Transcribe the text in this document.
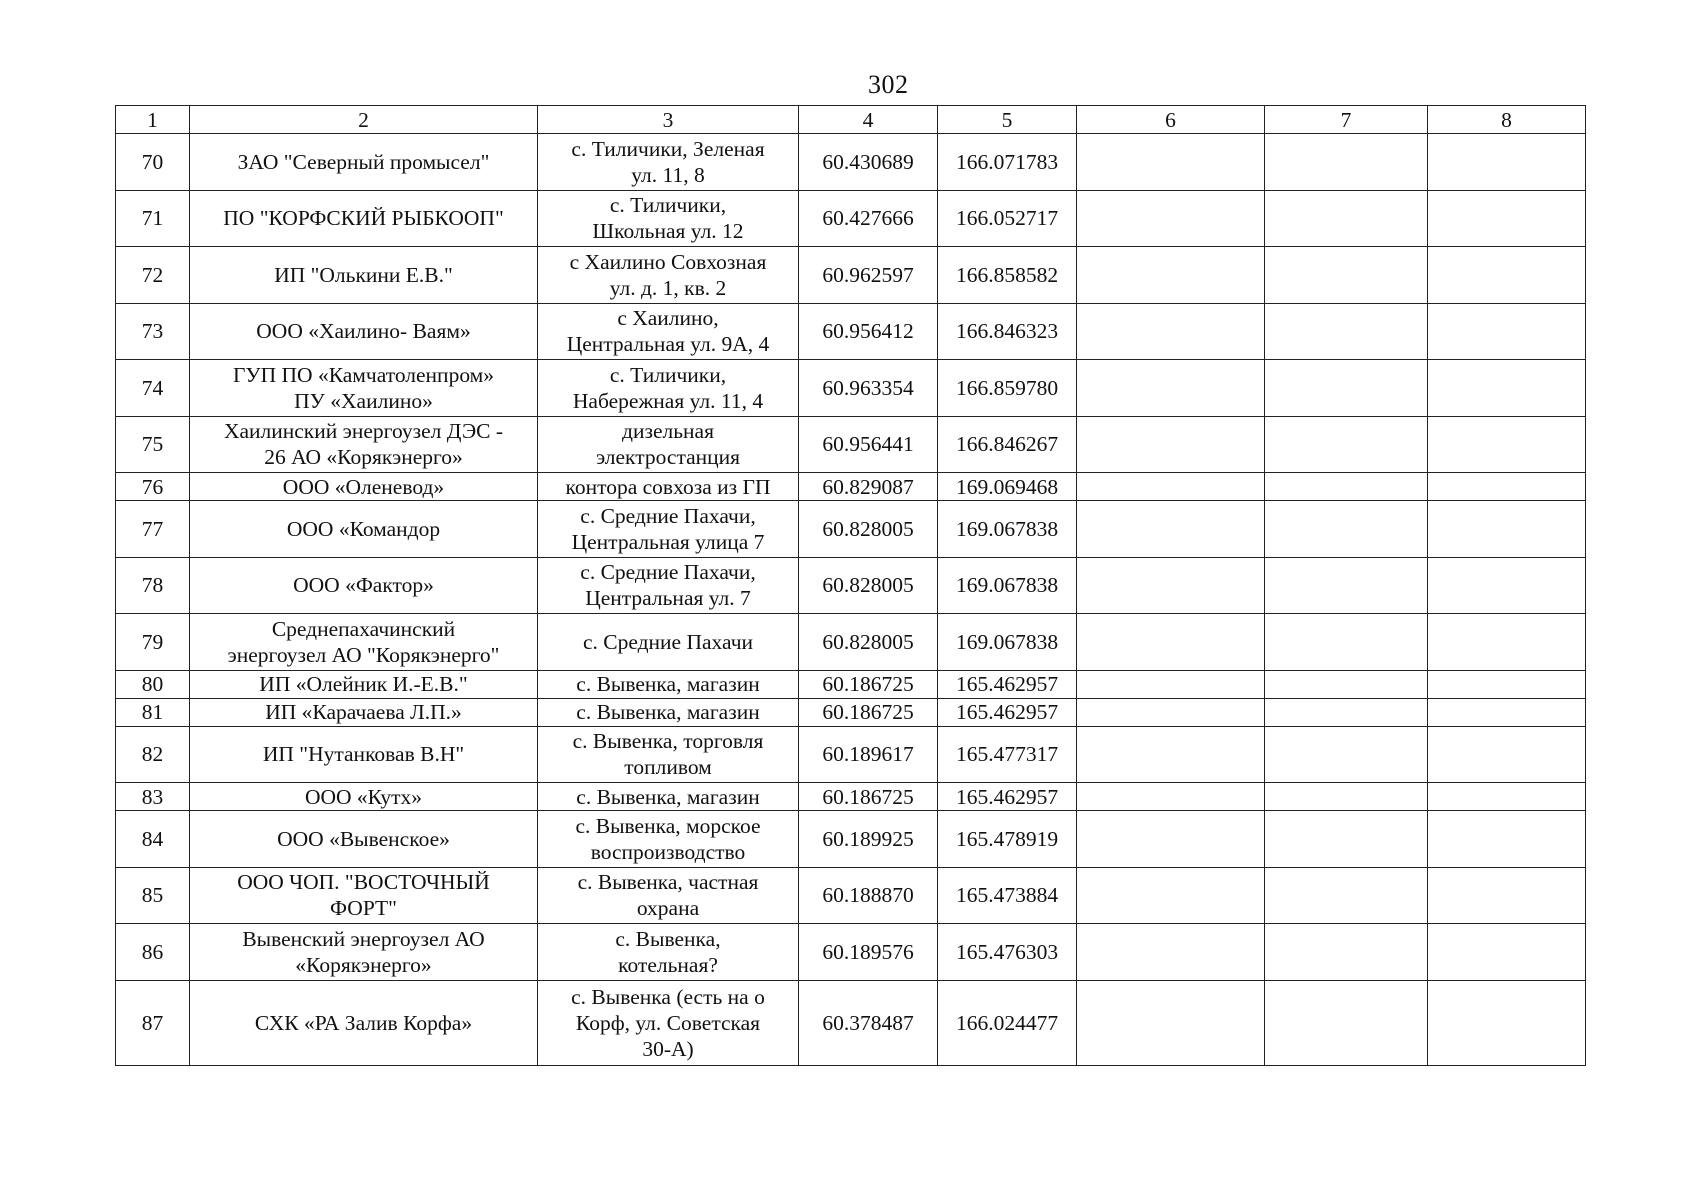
302
1	2	3	4	5	6	7	8
70	ЗАО "Северный промысел"	с. Тиличики, Зеленая
ул. 11, 8	60.430689	166.071783			
71	ПО "КОРФСКИЙ РЫБКООП"	с. Тиличики,
Школьная ул. 12	60.427666	166.052717			
72	ИП "Олькини Е.В."	с Хаилино Совхозная
ул. д. 1, кв. 2	60.962597	166.858582			
73	ООО «Хаилино- Ваям»	с Хаилино,
Центральная ул. 9А, 4	60.956412	166.846323			
74	ГУП ПО «Камчатоленпром»
ПУ «Хаилино»	с. Тиличики,
Набережная ул. 11, 4	60.963354	166.859780			
75	Хаилинский энергоузел ДЭС -
26 АО «Корякэнерго»	дизельная
электростанция	60.956441	166.846267			
76	ООО «Оленевод»	контора совхоза из ГП	60.829087	169.069468			
77	ООО «Командор	с. Средние Пахачи,
Центральная улица 7	60.828005	169.067838			
78	ООО «Фактор»	с. Средние Пахачи,
Центральная ул. 7	60.828005	169.067838			
79	Среднепахачинский
энергоузел АО "Корякэнерго"	с. Средние Пахачи	60.828005	169.067838			
80	ИП «Олейник И.-Е.В."	с. Вывенка, магазин	60.186725	165.462957			
81	ИП «Карачаева Л.П.»	с. Вывенка, магазин	60.186725	165.462957			
82	ИП "Нутанковав В.Н"	с. Вывенка, торговля
топливом	60.189617	165.477317			
83	ООО «Кутх»	с. Вывенка, магазин	60.186725	165.462957			
84	ООО «Вывенское»	с. Вывенка, морское
воспроизводство	60.189925	165.478919			
85	ООО ЧОП. "ВОСТОЧНЫЙ
ФОРТ"	с. Вывенка, частная
охрана	60.188870	165.473884			
86	Вывенский энергоузел АО
«Корякэнерго»	с. Вывенка,
котельная?	60.189576	165.476303			
87	СХК «РА Залив Корфа»	с. Вывенка (есть на о
Корф, ул. Советская
30-А)	60.378487	166.024477			
